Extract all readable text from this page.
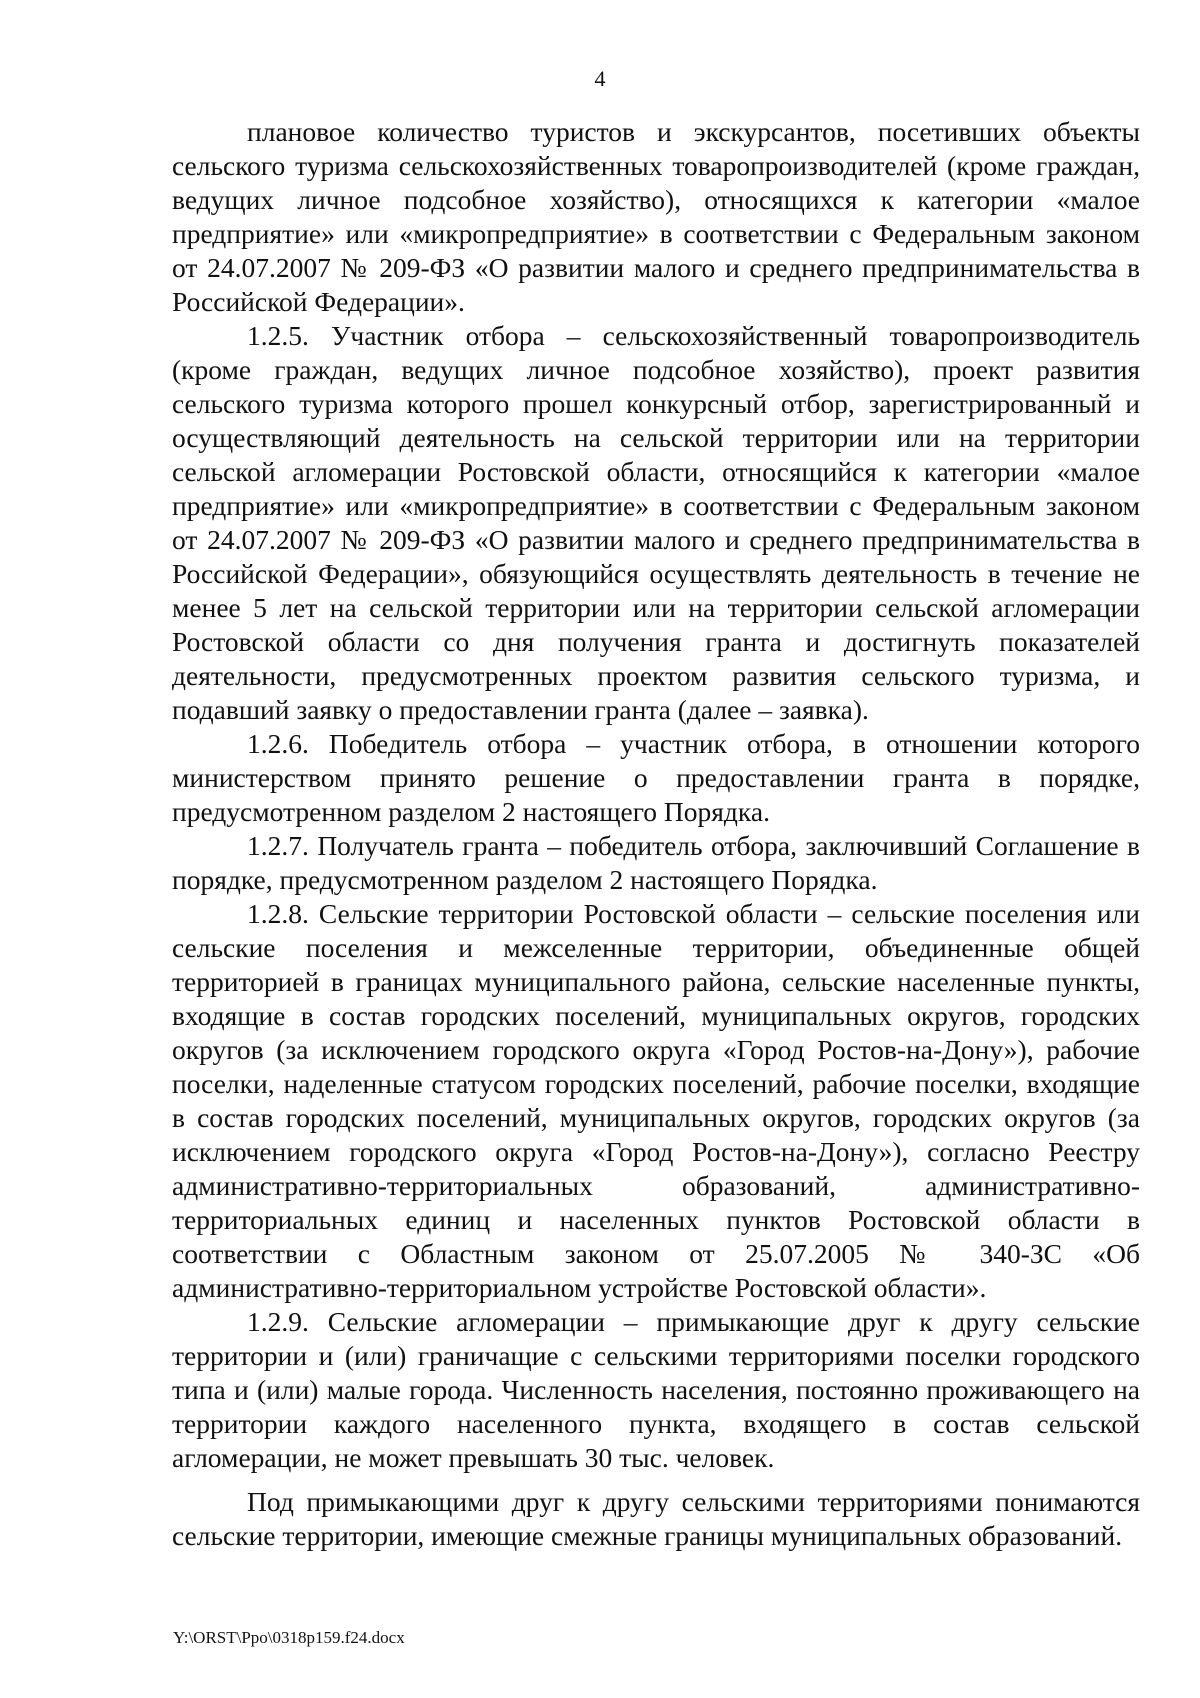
4

плановое количество туристов и экскурсантов, посетивших объекты сельского туризма сельскохозяйственных товаропроизводителей (кроме граждан, ведущих личное подсобное хозяйство), относящихся к категории «малое предприятие» или «микропредприятие» в соответствии с Федеральным законом от 24.07.2007 № 209-ФЗ «О развитии малого и среднего предпринимательства в Российской Федерации».

1.2.5. Участник отбора – сельскохозяйственный товаропроизводитель (кроме граждан, ведущих личное подсобное хозяйство), проект развития сельского туризма которого прошел конкурсный отбор, зарегистрированный и осуществляющий деятельность на сельской территории или на территории сельской агломерации Ростовской области, относящийся к категории «малое предприятие» или «микропредприятие» в соответствии с Федеральным законом от 24.07.2007 № 209-ФЗ «О развитии малого и среднего предпринимательства в Российской Федерации», обязующийся осуществлять деятельность в течение не менее 5 лет на сельской территории или на территории сельской агломерации Ростовской области со дня получения гранта и достигнуть показателей деятельности, предусмотренных проектом развития сельского туризма, и подавший заявку о предоставлении гранта (далее – заявка).

1.2.6. Победитель отбора – участник отбора, в отношении которого министерством принято решение о предоставлении гранта в порядке, предусмотренном разделом 2 настоящего Порядка.

1.2.7. Получатель гранта – победитель отбора, заключивший Соглашение в порядке, предусмотренном разделом 2 настоящего Порядка.

1.2.8. Сельские территории Ростовской области – сельские поселения или сельские поселения и межселенные территории, объединенные общей территорией в границах муниципального района, сельские населенные пункты, входящие в состав городских поселений, муниципальных округов, городских округов (за исключением городского округа «Город Ростов-на-Дону»), рабочие поселки, наделенные статусом городских поселений, рабочие поселки, входящие в состав городских поселений, муниципальных округов, городских округов (за исключением городского округа «Город Ростов-на-Дону»), согласно Реестру административно-территориальных образований, административно-территориальных единиц и населенных пунктов Ростовской области в соответствии с Областным законом от 25.07.2005 № 340-ЗС «Об административно-территориальном устройстве Ростовской области».

1.2.9. Сельские агломерации – примыкающие друг к другу сельские территории и (или) граничащие с сельскими территориями поселки городского типа и (или) малые города. Численность населения, постоянно проживающего на территории каждого населенного пункта, входящего в состав сельской агломерации, не может превышать 30 тыс. человек.

Под примыкающими друг к другу сельскими территориями понимаются сельские территории, имеющие смежные границы муниципальных образований.

Y:\ORST\Ppo\0318p159.f24.docx
